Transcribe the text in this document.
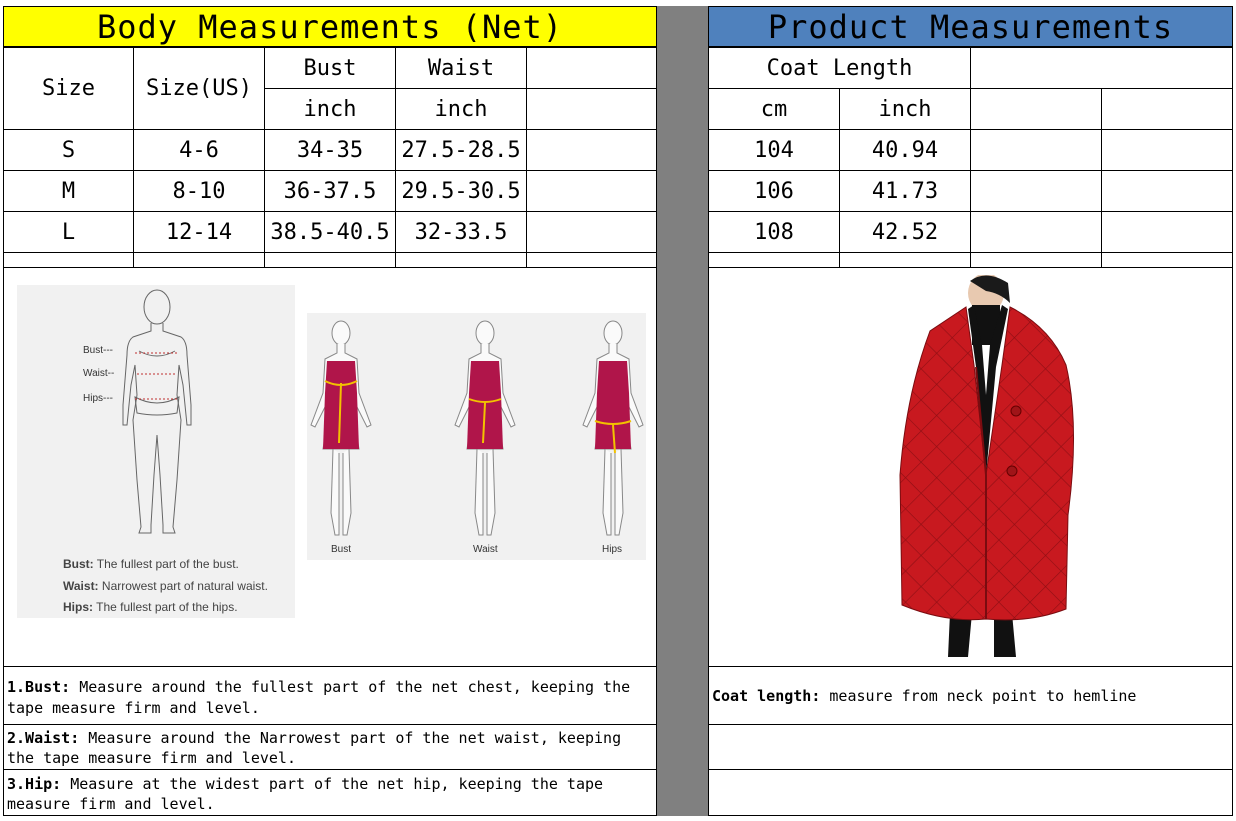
Body Measurements (Net)	Product Measurements
Size	Size(US)
Bust	Waist
inch	inch
S	4-6	34-35	27.5-28.5
M	8-10	36-37.5	29.5-30.5
L	12-14	38.5-40.5	32-33.5
Coat Length
cm	inch
104	40.94
106	41.73
108	42.52
Bust---
Waist--
Hips---
Bust: The fullest part of the bust.
Waist: Narrowest part of natural waist.
Hips: The fullest part of the hips.
Bust	Waist	Hips
1.Bust: Measure around the fullest part of the net chest, keeping the tape measure firm and level.
2.Waist: Measure around the Narrowest part of the net waist, keeping the tape measure firm and level.
3.Hip: Measure at the widest part of the net hip, keeping the tape measure firm and level.
Coat length: measure from neck point to hemline
